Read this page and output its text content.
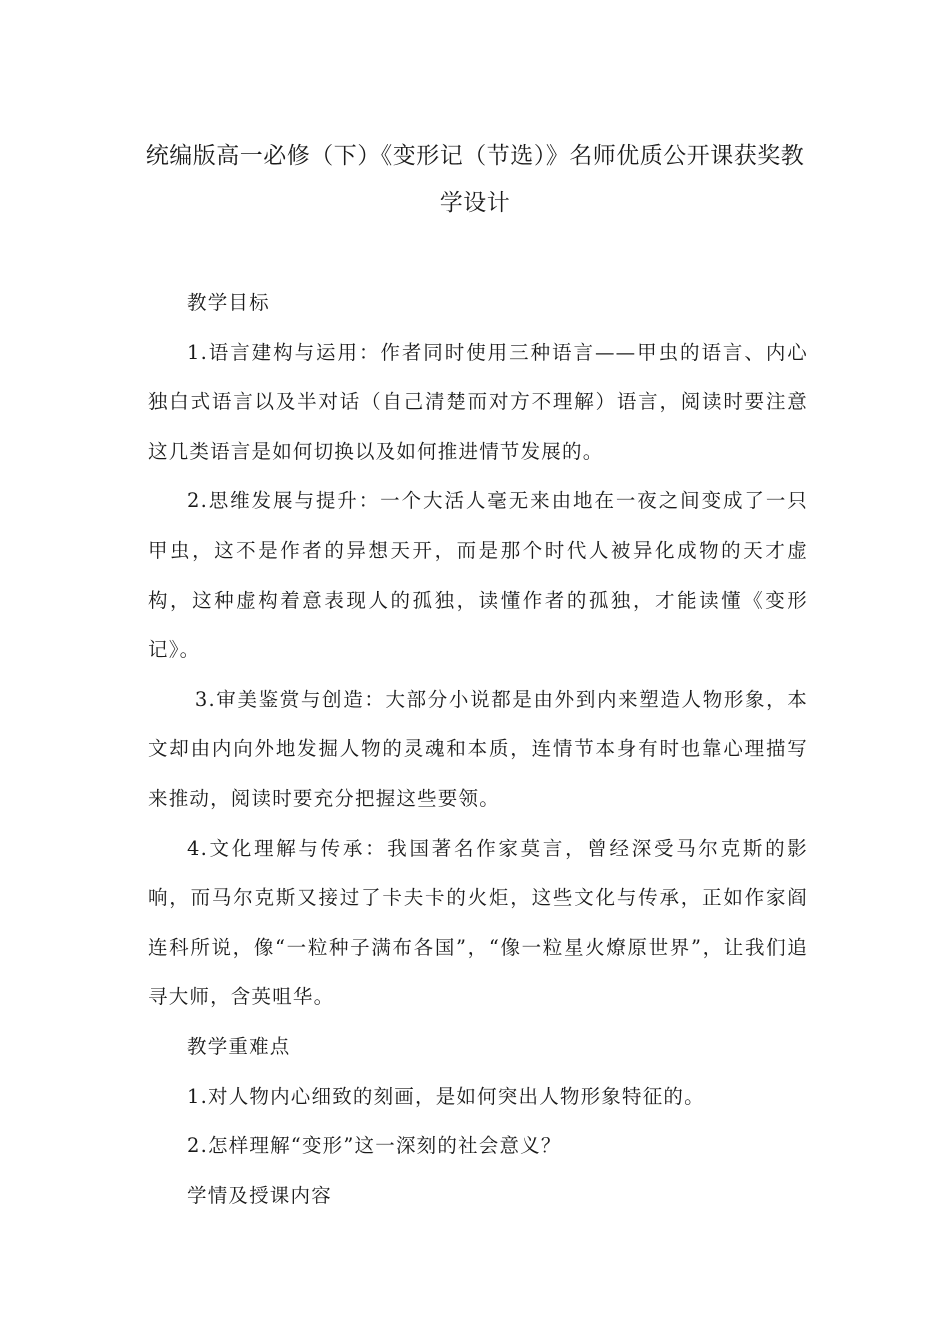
统编版高一必修（下）《变形记（节选）》名师优质公开课获奖教学设计

教学目标

1.语言建构与运用：作者同时使用三种语言——甲虫的语言、内心独白式语言以及半对话（自己清楚而对方不理解）语言，阅读时要注意这几类语言是如何切换以及如何推进情节发展的。

2.思维发展与提升：一个大活人毫无来由地在一夜之间变成了一只甲虫，这不是作者的异想天开，而是那个时代人被异化成物的天才虚构，这种虚构着意表现人的孤独，读懂作者的孤独，才能读懂《变形记》。

3.审美鉴赏与创造：大部分小说都是由外到内来塑造人物形象，本文却由内向外地发掘人物的灵魂和本质，连情节本身有时也靠心理描写来推动，阅读时要充分把握这些要领。

4.文化理解与传承：我国著名作家莫言，曾经深受马尔克斯的影响，而马尔克斯又接过了卡夫卡的火炬，这些文化与传承，正如作家阎连科所说，像“一粒种子满布各国”，“像一粒星火燎原世界”，让我们追寻大师，含英咀华。

教学重难点

1.对人物内心细致的刻画，是如何突出人物形象特征的。

2.怎样理解“变形”这一深刻的社会意义？

学情及授课内容
